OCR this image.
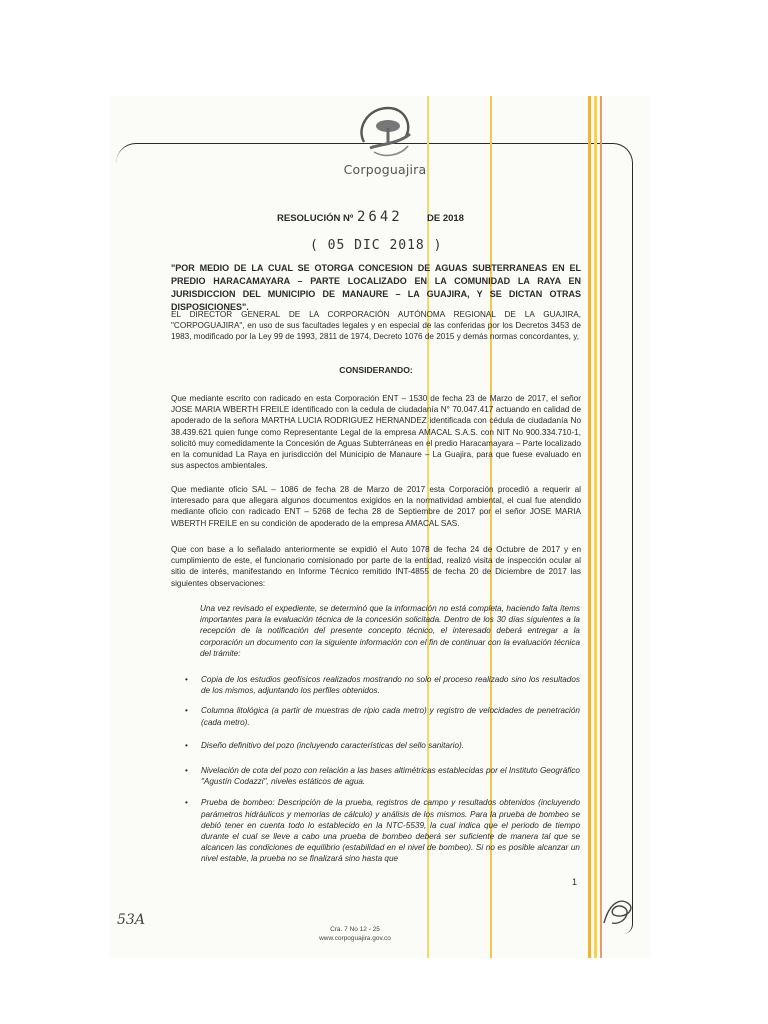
Corpoguajira
RESOLUCIÓN Nº 2642	DE 2018
( 05 DIC 2018 )
"POR MEDIO DE LA CUAL SE OTORGA CONCESION DE AGUAS SUBTERRANEAS EN EL PREDIO HARACAMAYARA – PARTE LOCALIZADO EN LA COMUNIDAD LA RAYA EN JURISDICCION DEL MUNICIPIO DE MANAURE – LA GUAJIRA, Y SE DICTAN OTRAS DISPOSICIONES".
EL DIRECTOR GENERAL DE LA CORPORACIÓN AUTÓNOMA REGIONAL DE LA GUAJIRA, "CORPOGUAJIRA", en uso de sus facultades legales y en especial de las conferidas por los Decretos 3453 de 1983, modificado por la Ley 99 de 1993, 2811 de 1974, Decreto 1076 de 2015 y demás normas concordantes, y,
CONSIDERANDO:
Que mediante escrito con radicado en esta Corporación ENT – 1530 de fecha 23 de Marzo de 2017, el señor JOSE MARIA WBERTH FREILE identificado con la cedula de ciudadanía N° 70.047.417 actuando en calidad de apoderado de la señora MARTHA LUCIA RODRIGUEZ HERNANDEZ identificada con cédula de ciudadanía No 38.439.621 quien funge como Representante Legal de la empresa AMACAL S.A.S. con NIT No 900.334.710-1, solicitó muy comedidamente la Concesión de Aguas Subterráneas en el predio Haracamayara – Parte localizado en la comunidad La Raya en jurisdicción del Municipio de Manaure – La Guajira, para que fuese evaluado en sus aspectos ambientales.
Que mediante oficio SAL – 1086 de fecha 28 de Marzo de 2017 esta Corporación procedió a requerir al interesado para que allegara algunos documentos exigidos en la normatividad ambiental, el cual fue atendido mediante oficio con radicado ENT – 5268 de fecha 28 de Septiembre de 2017 por el señor JOSE MARIA WBERTH FREILE en su condición de apoderado de la empresa AMACAL SAS.
Que con base a lo señalado anteriormente se expidió el Auto 1078 de fecha 24 de Octubre de 2017 y en cumplimiento de este, el funcionario comisionado por parte de la entidad, realizó visita de inspección ocular al sitio de interés, manifestando en Informe Técnico remitido INT-4855 de fecha 20 de Diciembre de 2017 las siguientes observaciones:
Una vez revisado el expediente, se determinó que la información no está completa, haciendo falta ítems importantes para la evaluación técnica de la concesión solicitada. Dentro de los 30 días siguientes a la recepción de la notificación del presente concepto técnico, el interesado deberá entregar a la corporación un documento con la siguiente información con el fin de continuar con la evaluación técnica del trámite:
• Copia de los estudios geofísicos realizados mostrando no solo el proceso realizado sino los resultados de los mismos, adjuntando los perfiles obtenidos.
• Columna litológica (a partir de muestras de ripio cada metro) y registro de velocidades de penetración (cada metro).
• Diseño definitivo del pozo (incluyendo características del sello sanitario).
• Nivelación de cota del pozo con relación a las bases altimétricas establecidas por el Instituto Geográfico "Agustín Codazzi", niveles estáticos de agua.
• Prueba de bombeo: Descripción de la prueba, registros de campo y resultados obtenidos (incluyendo parámetros hidráulicos y memorias de cálculo) y análisis de los mismos. Para la prueba de bombeo se debió tener en cuenta todo lo establecido en la NTC-5539, la cual indica que el periodo de tiempo durante el cual se lleve a cabo una prueba de bombeo deberá ser suficiente de manera tal que se alcancen las condiciones de equilibrio (estabilidad en el nivel de bombeo). Si no es posible alcanzar un nivel estable, la prueba no se finalizará sino hasta que
1
Cra. 7 No 12 - 25
www.corpoguajira.gov.co
53A
